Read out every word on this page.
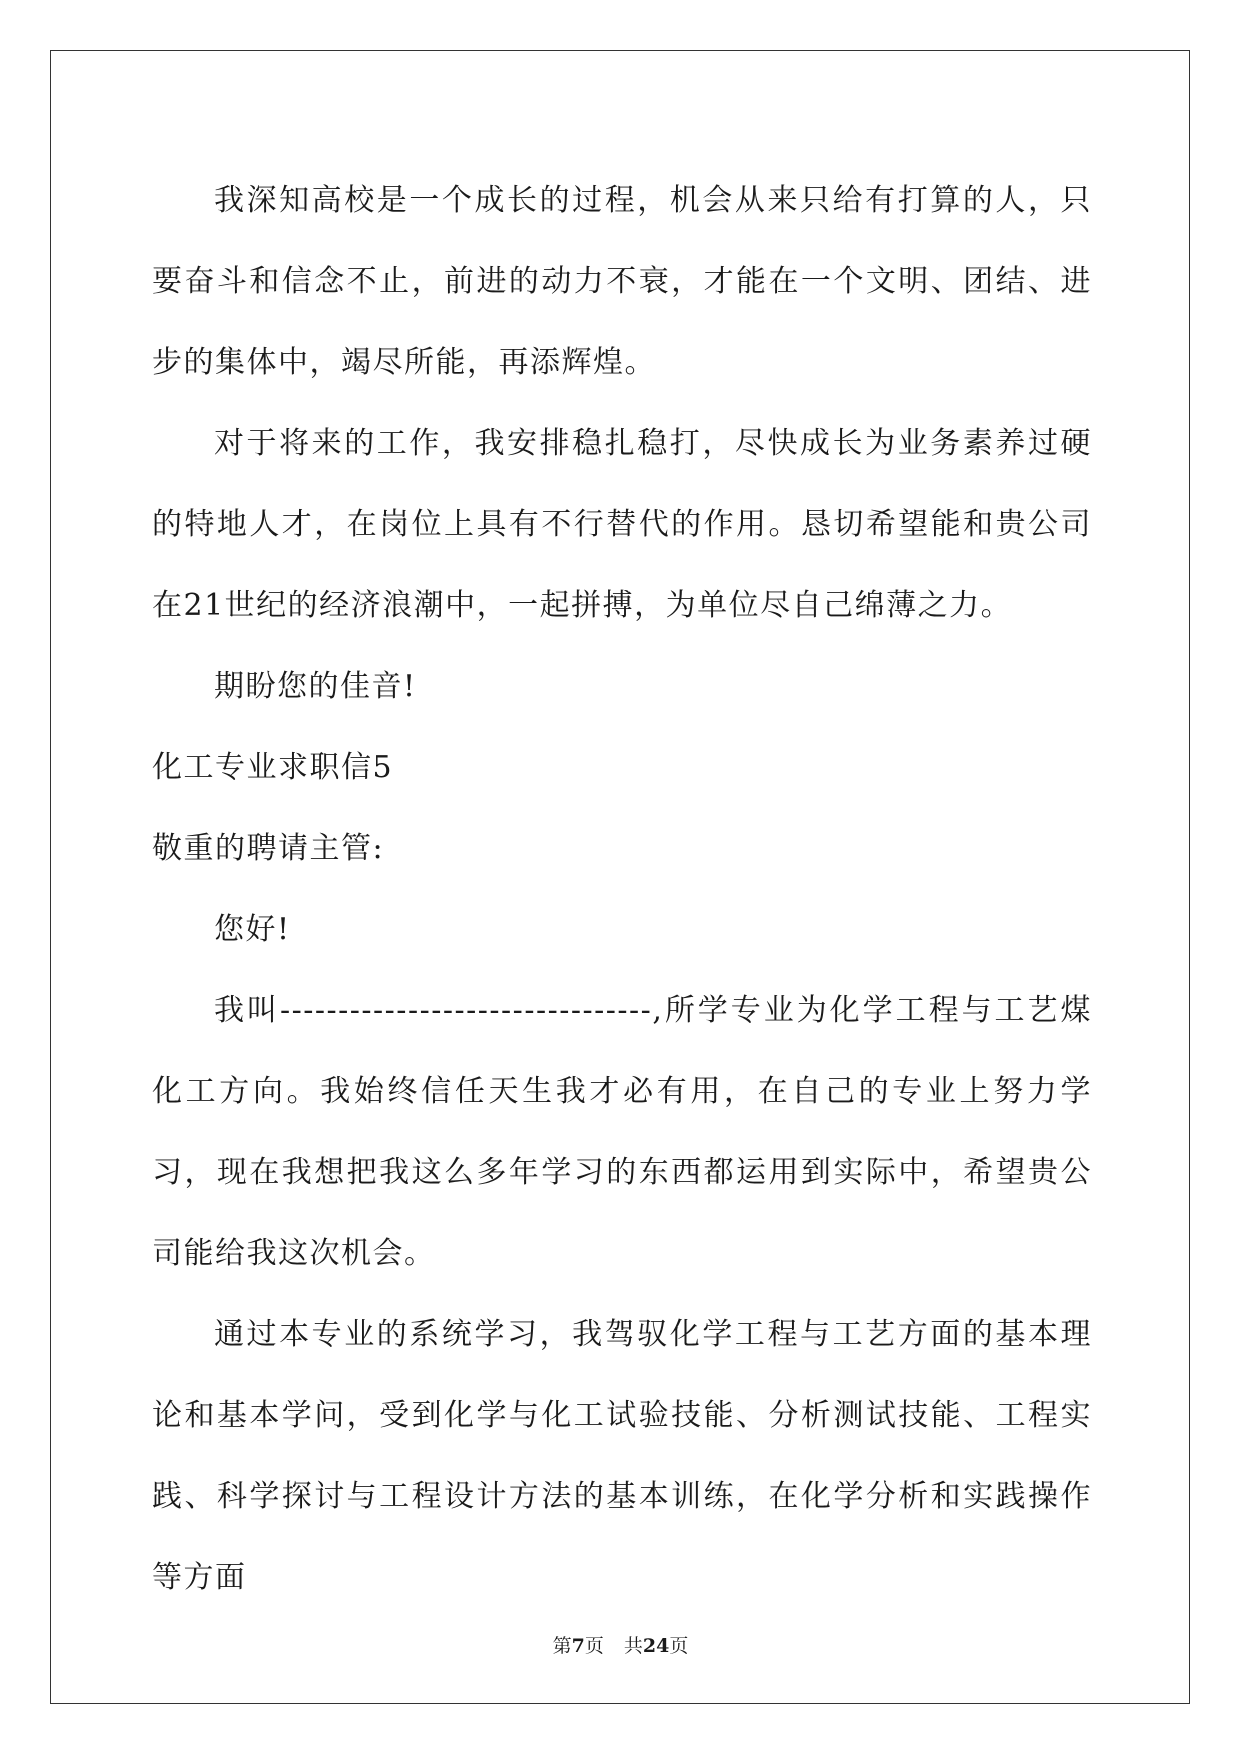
我深知高校是一个成长的过程，机会从来只给有打算的人，只要奋斗和信念不止，前进的动力不衰，才能在一个文明、团结、进步的集体中，竭尽所能，再添辉煌。

对于将来的工作，我安排稳扎稳打，尽快成长为业务素养过硬的特地人才，在岗位上具有不行替代的作用。恳切希望能和贵公司在21世纪的经济浪潮中，一起拼搏，为单位尽自己绵薄之力。

期盼您的佳音!

化工专业求职信5

敬重的聘请主管:

您好!

我叫--------------------------------,所学专业为化学工程与工艺煤化工方向。我始终信任天生我才必有用，在自己的专业上努力学习，现在我想把我这么多年学习的东西都运用到实际中，希望贵公司能给我这次机会。

通过本专业的系统学习，我驾驭化学工程与工艺方面的基本理论和基本学问，受到化学与化工试验技能、分析测试技能、工程实践、科学探讨与工程设计方法的基本训练，在化学分析和实践操作等方面

第7页 共24页
